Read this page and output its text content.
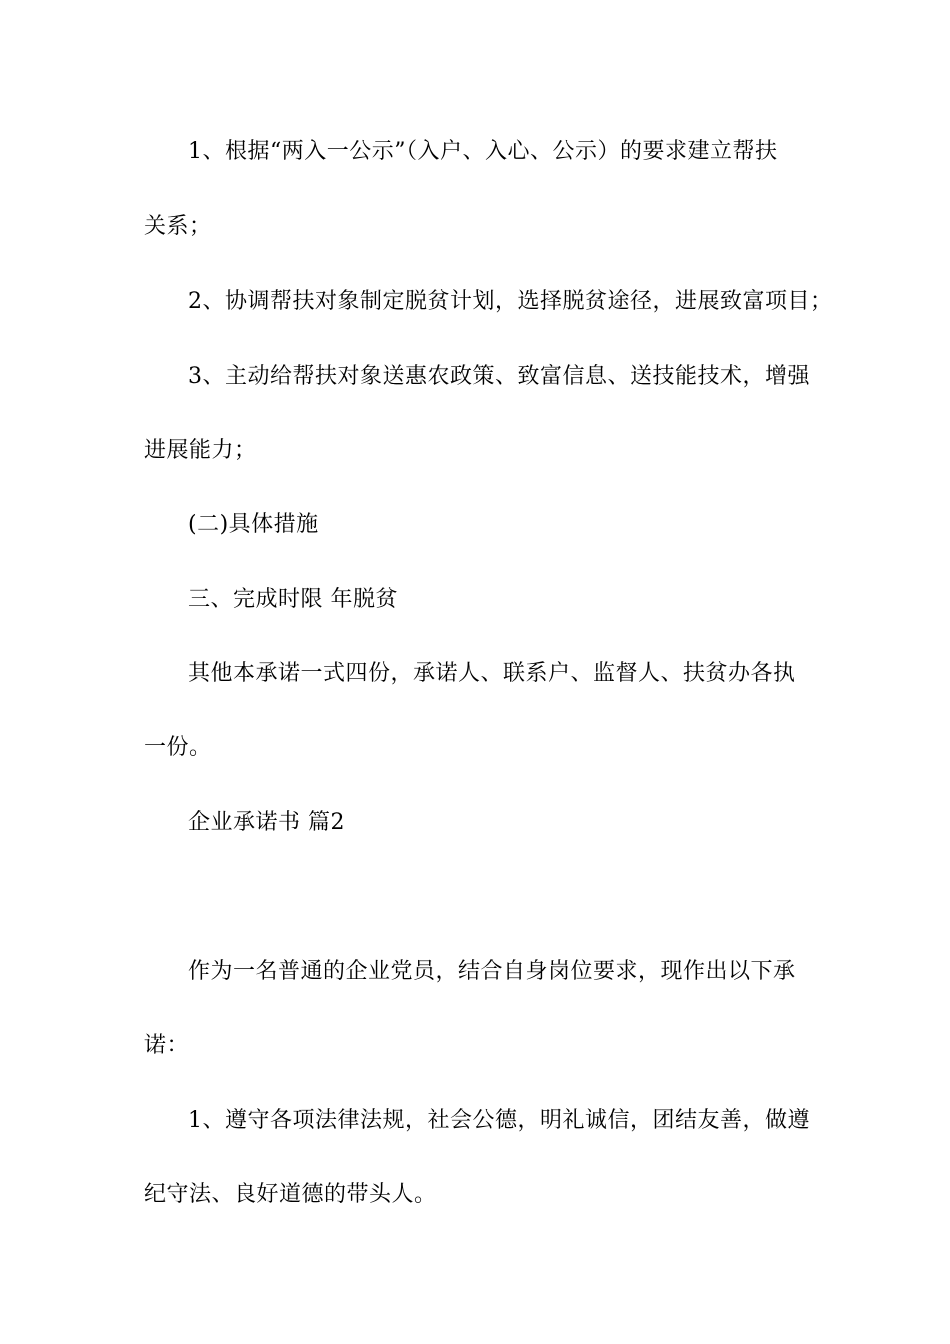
1、根据“两入一公示”（入户、入心、公示）的要求建立帮扶
关系；
2、协调帮扶对象制定脱贫计划，选择脱贫途径，进展致富项目；
3、主动给帮扶对象送惠农政策、致富信息、送技能技术，增强
进展能力；
(二)具体措施
三、完成时限 年脱贫
其他本承诺一式四份，承诺人、联系户、监督人、扶贫办各执
一份。
企业承诺书 篇2
作为一名普通的企业党员，结合自身岗位要求，现作出以下承
诺：
1、遵守各项法律法规，社会公德，明礼诚信，团结友善，做遵
纪守法、良好道德的带头人。
